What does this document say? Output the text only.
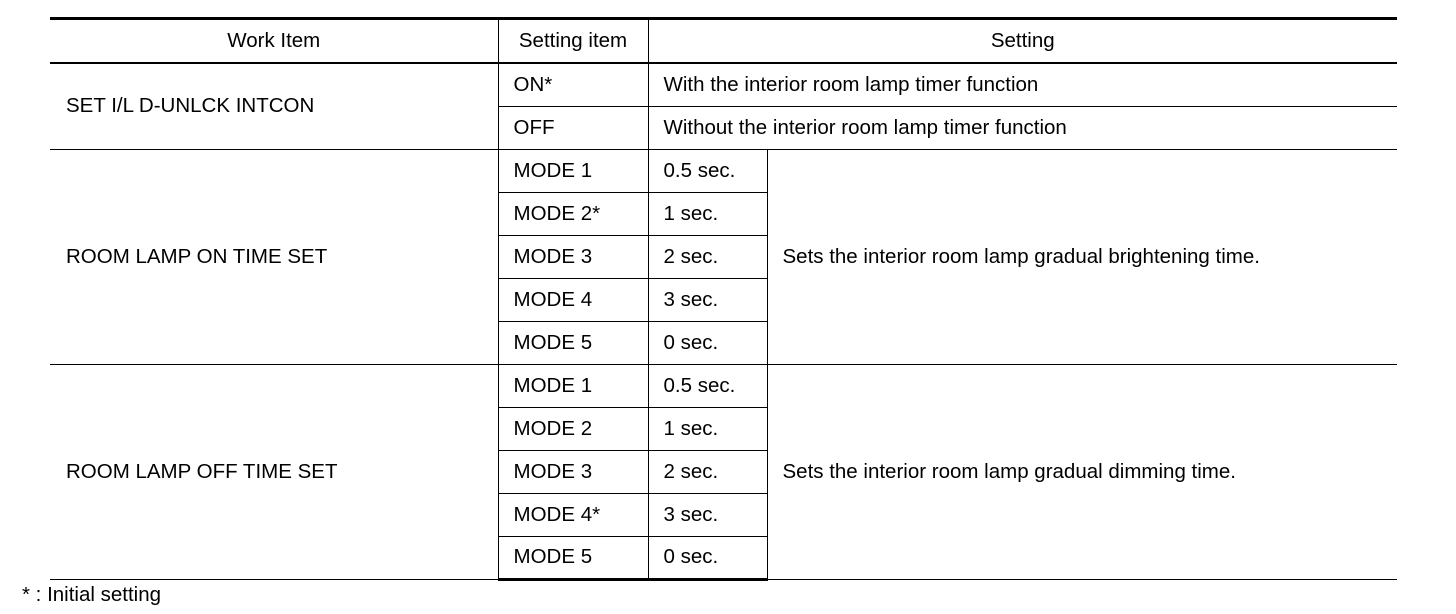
Work Item	Setting item	Setting	
SET I/L D-UNLCK INTCON	ON*	With the interior room lamp timer function	
	OFF	Without the interior room lamp timer function	
ROOM LAMP ON TIME SET	MODE 1	0.5 sec.	Sets the interior room lamp gradual brightening time.
	MODE 2*	1 sec.	
	MODE 3	2 sec.	
	MODE 4	3 sec.	
	MODE 5	0 sec.	
ROOM LAMP OFF TIME SET	MODE 1	0.5 sec.	Sets the interior room lamp gradual dimming time.
	MODE 2	1 sec.	
	MODE 3	2 sec.	
	MODE 4*	3 sec.	
	MODE 5	0 sec.	
* : Initial setting
